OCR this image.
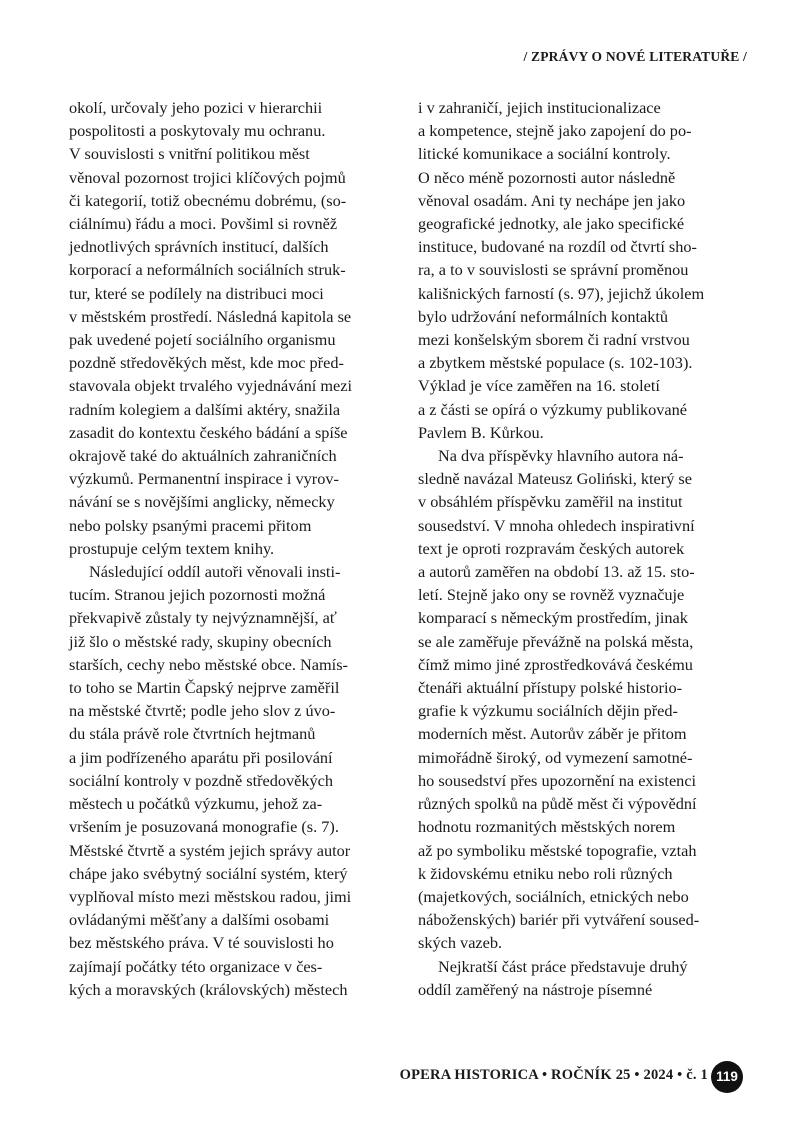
/ ZPRÁVY O NOVÉ LITERATUŘE /
okolí, určovaly jeho pozici v hierarchii
pospolitosti a poskytovaly mu ochranu.
V souvislosti s vnitřní politikou měst
věnoval pozornost trojici klíčových pojmů
či kategorií, totiž obecnému dobrému, (so-
ciálnímu) řádu a moci. Povšiml si rovněž
jednotlivých správních institucí, dalších
korporací a neformálních sociálních struk-
tur, které se podílely na distribuci moci
v městském prostředí. Následná kapitola se
pak uvedené pojetí sociálního organismu
pozdně středověkých měst, kde moc před-
stavovala objekt trvalého vyjednávání mezi
radním kolegiem a dalšími aktéry, snažila
zasadit do kontextu českého bádání a spíše
okrajově také do aktuálních zahraničních
výzkumů. Permanentní inspirace i vyrov-
návání se s novějšími anglicky, německy
nebo polsky psanými pracemi přitom
prostupuje celým textem knihy.
Následující oddíl autoři věnovali insti-
tucím. Stranou jejich pozornosti možná
překvapivě zůstaly ty nejvýznamnější, ať
již šlo o městské rady, skupiny obecních
starších, cechy nebo městské obce. Namís-
to toho se Martin Čapský nejprve zaměřil
na městské čtvrtě; podle jeho slov z úvo-
du stála právě role čtvrtních hejtmanů
a jim podřízeného aparátu při posilování
sociální kontroly v pozdně středověkých
městech u počátků výzkumu, jehož za-
vršením je posuzovaná monografie (s. 7).
Městské čtvrtě a systém jejich správy autor
chápe jako svébytný sociální systém, který
vyplňoval místo mezi městskou radou, jimi
ovládanými měšťany a dalšími osobami
bez městského práva. V té souvislosti ho
zajímají počátky této organizace v čes-
kých a moravských (královských) městech
i v zahraničí, jejich institucionalizace
a kompetence, stejně jako zapojení do po-
litické komunikace a sociální kontroly.
O něco méně pozornosti autor následně
věnoval osadám. Ani ty nechápe jen jako
geografické jednotky, ale jako specifické
instituce, budované na rozdíl od čtvrtí sho-
ra, a to v souvislosti se správní proměnou
kališnických farností (s. 97), jejichž úkolem
bylo udržování neformálních kontaktů
mezi konšelským sborem či radní vrstvou
a zbytkem městské populace (s. 102-103).
Výklad je více zaměřen na 16. století
a z části se opírá o výzkumy publikované
Pavlem B. Kůrkou.
Na dva příspěvky hlavního autora ná-
sledně navázal Mateusz Goliński, který se
v obsáhlém příspěvku zaměřil na institut
sousedství. V mnoha ohledech inspirativní
text je oproti rozpravám českých autorek
a autorů zaměřen na období 13. až 15. sto-
letí. Stejně jako ony se rovněž vyznačuje
komparací s německým prostředím, jinak
se ale zaměřuje převážně na polská města,
čímž mimo jiné zprostředkovává českému
čtenáři aktuální přístupy polské historio-
grafie k výzkumu sociálních dějin před-
moderních měst. Autorův záběr je přitom
mimořádně široký, od vymezení samotné-
ho sousedství přes upozornění na existenci
různých spolků na půdě měst či výpovědní
hodnotu rozmanitých městských norem
až po symboliku městské topografie, vztah
k židovskému etniku nebo roli různých
(majetkových, sociálních, etnických nebo
náboženských) bariér při vytváření soused-
ských vazeb.
Nejkratší část práce představuje druhý
oddíl zaměřený na nástroje písemné
OPERA HISTORICA • ROČNÍK 25 • 2024 • č. 1 119
